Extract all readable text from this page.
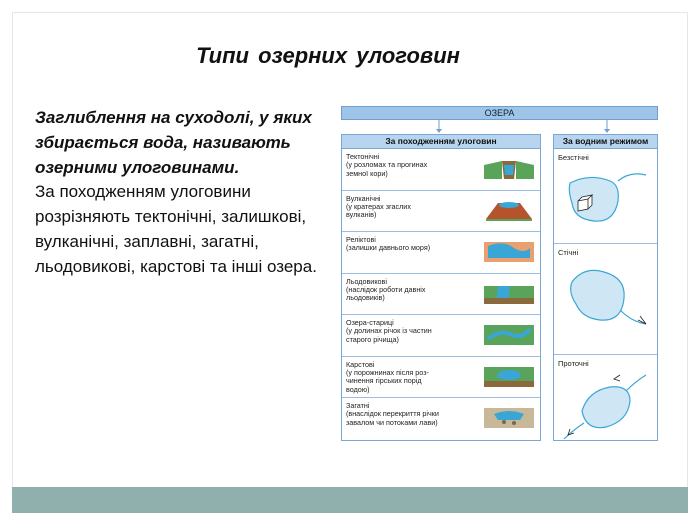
Типи озерних улоговин

Заглиблення на суходолі, у яких збирається вода, називають озерними улоговинами.

За походженням улоговини розрізняють тектонічні, залишкові, вулканічні, заплавні, загатні, льодовикові, карстові та інші озера.

ОЗЕРА
За походженням улоговин
Тектонічні
(у розломах та прогинах
земної кори)
Вулканічні
(у кратерах згаслих
вулканів)
Реліктові
(залишки давнього моря)
Льодовикові
(наслідок роботи давніх
льодовиків)
Озера-стариці
(у долинах річок із частин
старого річища)
Карстові
(у порожнинах після роз-
чинення гірських порід
водою)
Загатні
(внаслідок перекриття річки
завалом чи потоками лави)
За водним режимом
Безстічні
Стічні
Проточні
